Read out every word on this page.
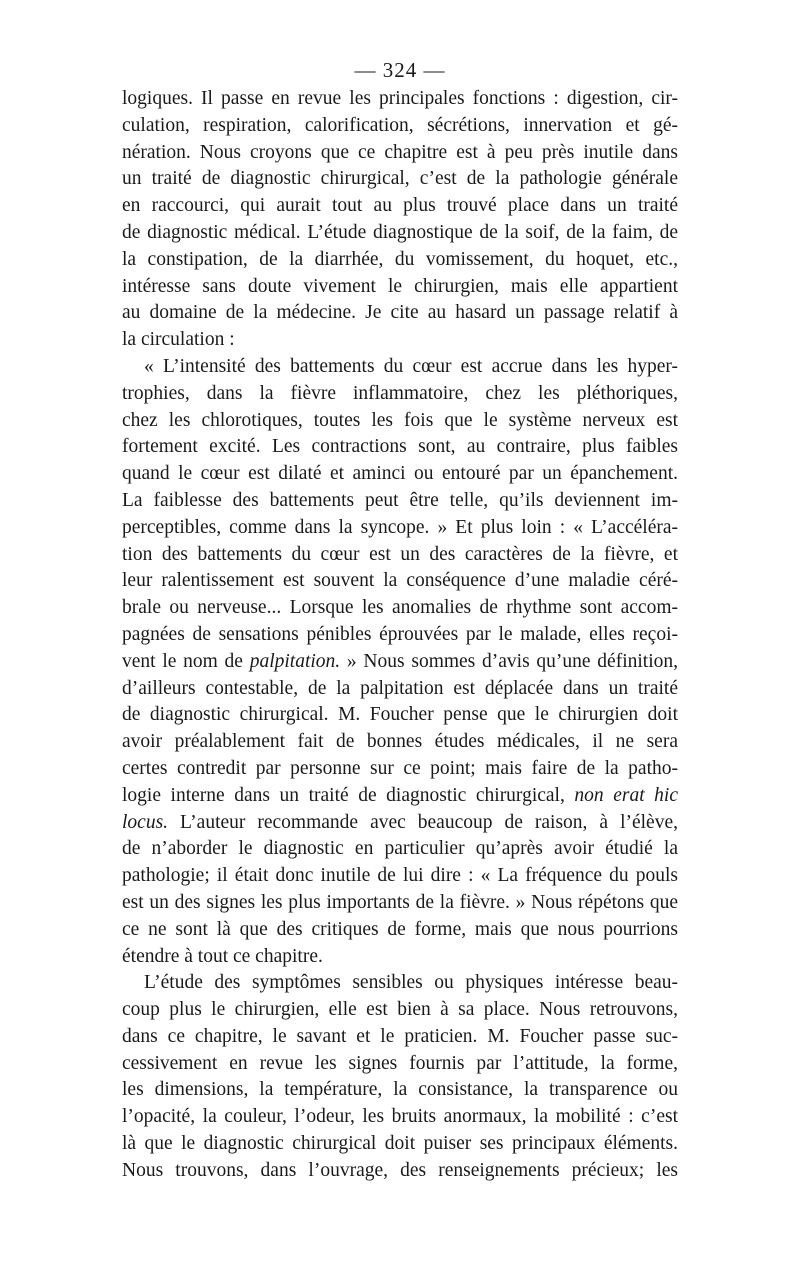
— 324 —
logiques. Il passe en revue les principales fonctions : digestion, cir-
culation, respiration, calorification, sécrétions, innervation et gé-
nération. Nous croyons que ce chapitre est à peu près inutile dans
un traité de diagnostic chirurgical, c’est de la pathologie générale
en raccourci, qui aurait tout au plus trouvé place dans un traité
de diagnostic médical. L’étude diagnostique de la soif, de la faim, de
la constipation, de la diarrhée, du vomissement, du hoquet, etc.,
intéresse sans doute vivement le chirurgien, mais elle appartient
au domaine de la médecine. Je cite au hasard un passage relatif à
la circulation :
« L’intensité des battements du cœur est accrue dans les hyper-
trophies, dans la fièvre inflammatoire, chez les pléthoriques,
chez les chlorotiques, toutes les fois que le système nerveux est
fortement excité. Les contractions sont, au contraire, plus faibles
quand le cœur est dilaté et aminci ou entouré par un épanchement.
La faiblesse des battements peut être telle, qu’ils deviennent im-
perceptibles, comme dans la syncope. » Et plus loin : « L’accéléra-
tion des battements du cœur est un des caractères de la fièvre, et
leur ralentissement est souvent la conséquence d’une maladie céré-
brale ou nerveuse... Lorsque les anomalies de rhythme sont accom-
pagnées de sensations pénibles éprouvées par le malade, elles reçoi-
vent le nom de palpitation. » Nous sommes d’avis qu’une définition,
d’ailleurs contestable, de la palpitation est déplacée dans un traité
de diagnostic chirurgical. M. Foucher pense que le chirurgien doit
avoir préalablement fait de bonnes études médicales, il ne sera
certes contredit par personne sur ce point; mais faire de la patho-
logie interne dans un traité de diagnostic chirurgical, non erat hic
locus. L’auteur recommande avec beaucoup de raison, à l’élève,
de n’aborder le diagnostic en particulier qu’après avoir étudié la
pathologie; il était donc inutile de lui dire : « La fréquence du pouls
est un des signes les plus importants de la fièvre. » Nous répétons que
ce ne sont là que des critiques de forme, mais que nous pourrions
étendre à tout ce chapitre.
L’étude des symptômes sensibles ou physiques intéresse beau-
coup plus le chirurgien, elle est bien à sa place. Nous retrouvons,
dans ce chapitre, le savant et le praticien. M. Foucher passe suc-
cessivement en revue les signes fournis par l’attitude, la forme,
les dimensions, la température, la consistance, la transparence ou
l’opacité, la couleur, l’odeur, les bruits anormaux, la mobilité : c’est
là que le diagnostic chirurgical doit puiser ses principaux éléments.
Nous trouvons, dans l’ouvrage, des renseignements précieux; les
